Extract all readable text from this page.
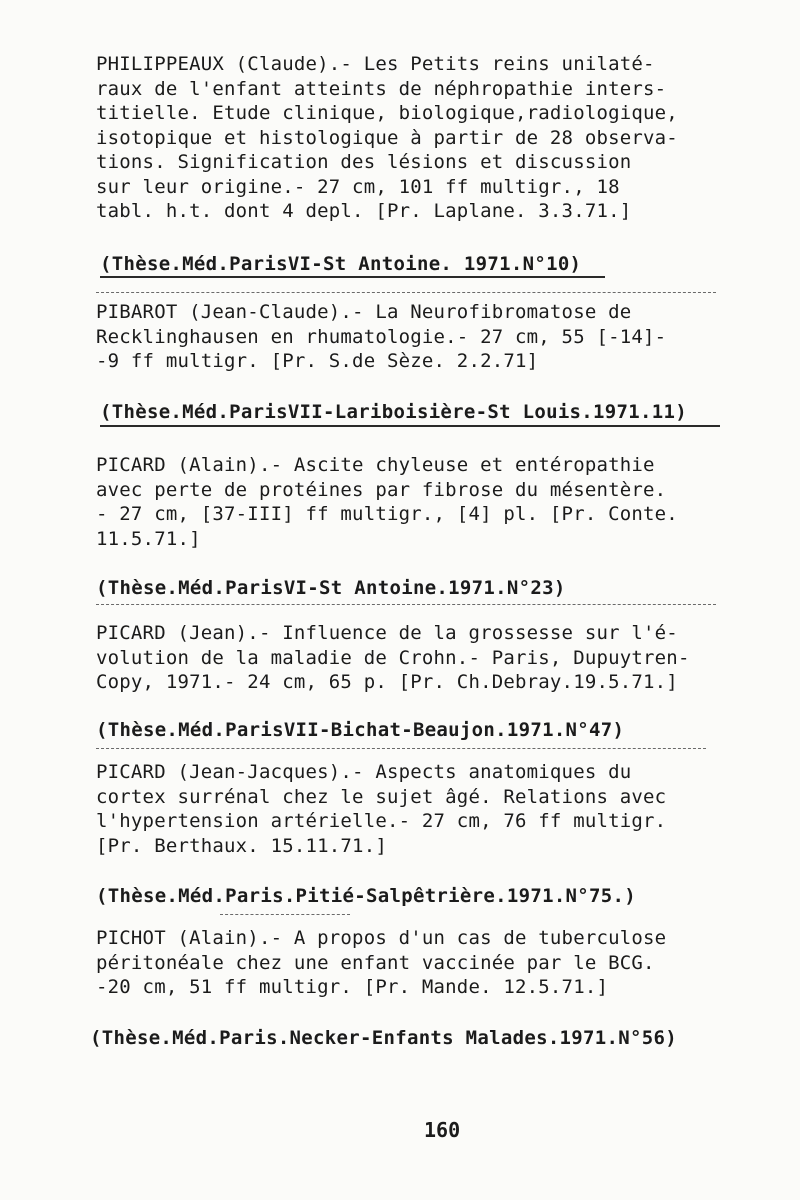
PHILIPPEAUX (Claude).- Les Petits reins unilaté-
raux de l'enfant atteints de néphropathie inters-
titielle. Etude clinique, biologique,radiologique,
isotopique et histologique à partir de 28 observa-
tions. Signification des lésions et discussion
sur leur origine.- 27 cm, 101 ff multigr., 18
tabl. h.t. dont 4 depl. [Pr. Laplane. 3.3.71.]
(Thèse.Méd.ParisVI-St Antoine. 1971.N°10)
PIBAROT (Jean-Claude).- La Neurofibromatose de
Recklinghausen en rhumatologie.- 27 cm, 55 [-14]-
-9 ff multigr. [Pr. S.de Sèze. 2.2.71]
(Thèse.Méd.ParisVII-Lariboisière-St Louis.1971.11)
PICARD (Alain).- Ascite chyleuse et entéropathie
avec perte de protéines par fibrose du mésentère.
- 27 cm, [37-III] ff multigr., [4] pl. [Pr. Conte.
11.5.71.]
(Thèse.Méd.ParisVI-St Antoine.1971.N°23)
PICARD (Jean).- Influence de la grossesse sur l'é-
volution de la maladie de Crohn.- Paris, Dupuytren-
Copy, 1971.- 24 cm, 65 p. [Pr. Ch.Debray.19.5.71.]
(Thèse.Méd.ParisVII-Bichat-Beaujon.1971.N°47)
PICARD (Jean-Jacques).- Aspects anatomiques du
cortex surrénal chez le sujet âgé. Relations avec
l'hypertension artérielle.- 27 cm, 76 ff multigr.
[Pr. Berthaux. 15.11.71.]
(Thèse.Méd.Paris.Pitié-Salpêtrière.1971.N°75.)
PICHOT (Alain).- A propos d'un cas de tuberculose
péritonéale chez une enfant vaccinée par le BCG.
-20 cm, 51 ff multigr. [Pr. Mande. 12.5.71.]
(Thèse.Méd.Paris.Necker-Enfants Malades.1971.N°56)
160
